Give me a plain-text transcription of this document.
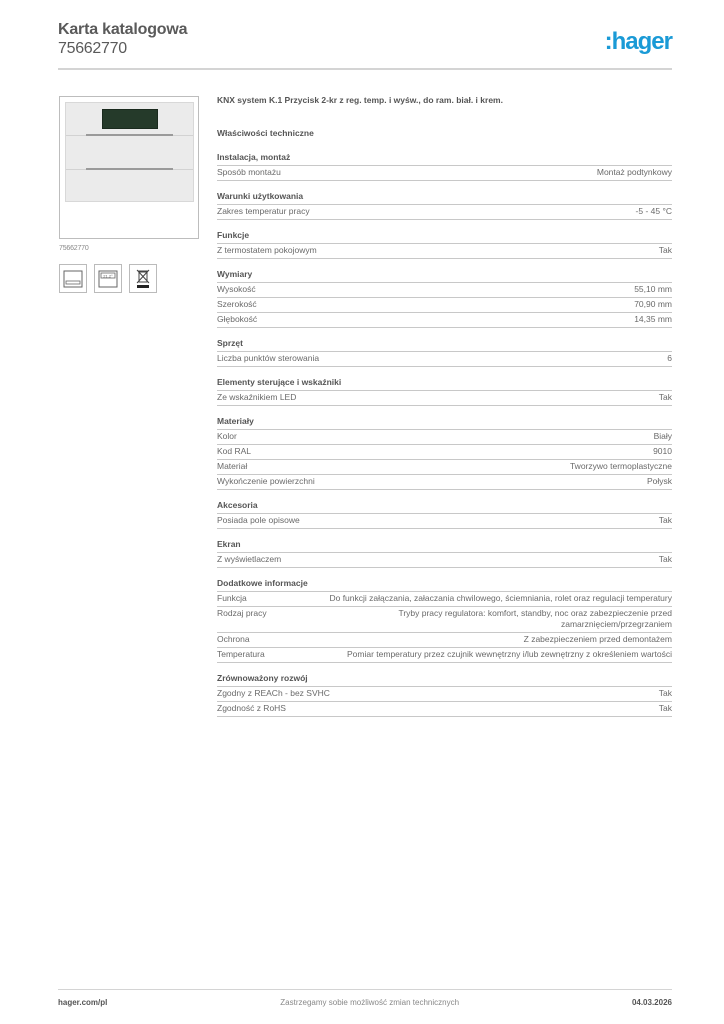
Karta katalogowa
75662770	:hager
75662770
21.2°
KNX system K.1 Przycisk 2-kr z reg. temp. i wyśw., do ram. biał. i krem.
Właściwości techniczne
Instalacja, montaż
Sposób montażu	Montaż podtynkowy
Warunki użytkowania
Zakres temperatur pracy	-5 - 45 °C
Funkcje
Z termostatem pokojowym	Tak
Wymiary
Wysokość	55,10 mm
Szerokość	70,90 mm
Głębokość	14,35 mm
Sprzęt
Liczba punktów sterowania	6
Elementy sterujące i wskaźniki
Ze wskaźnikiem LED	Tak
Materiały
Kolor	Biały
Kod RAL	9010
Materiał	Tworzywo termoplastyczne
Wykończenie powierzchni	Połysk
Akcesoria
Posiada pole opisowe	Tak
Ekran
Z wyświetlaczem	Tak
Dodatkowe informacje
Funkcja	Do funkcji załączania, załaczania chwilowego, ściemniania, rolet oraz regulacji temperatury
Rodzaj pracy	Tryby pracy regulatora: komfort, standby, noc oraz zabezpieczenie przed zamarznięciem/przegrzaniem
Ochrona	Z zabezpieczeniem przed demontażem
Temperatura	Pomiar temperatury przez czujnik wewnętrzny i/lub zewnętrzny z określeniem wartości
Zrównoważony rozwój
Zgodny z REACh - bez SVHC	Tak
Zgodność z RoHS	Tak
hager.com/pl	Zastrzegamy sobie możliwość zmian technicznych	04.03.2026
